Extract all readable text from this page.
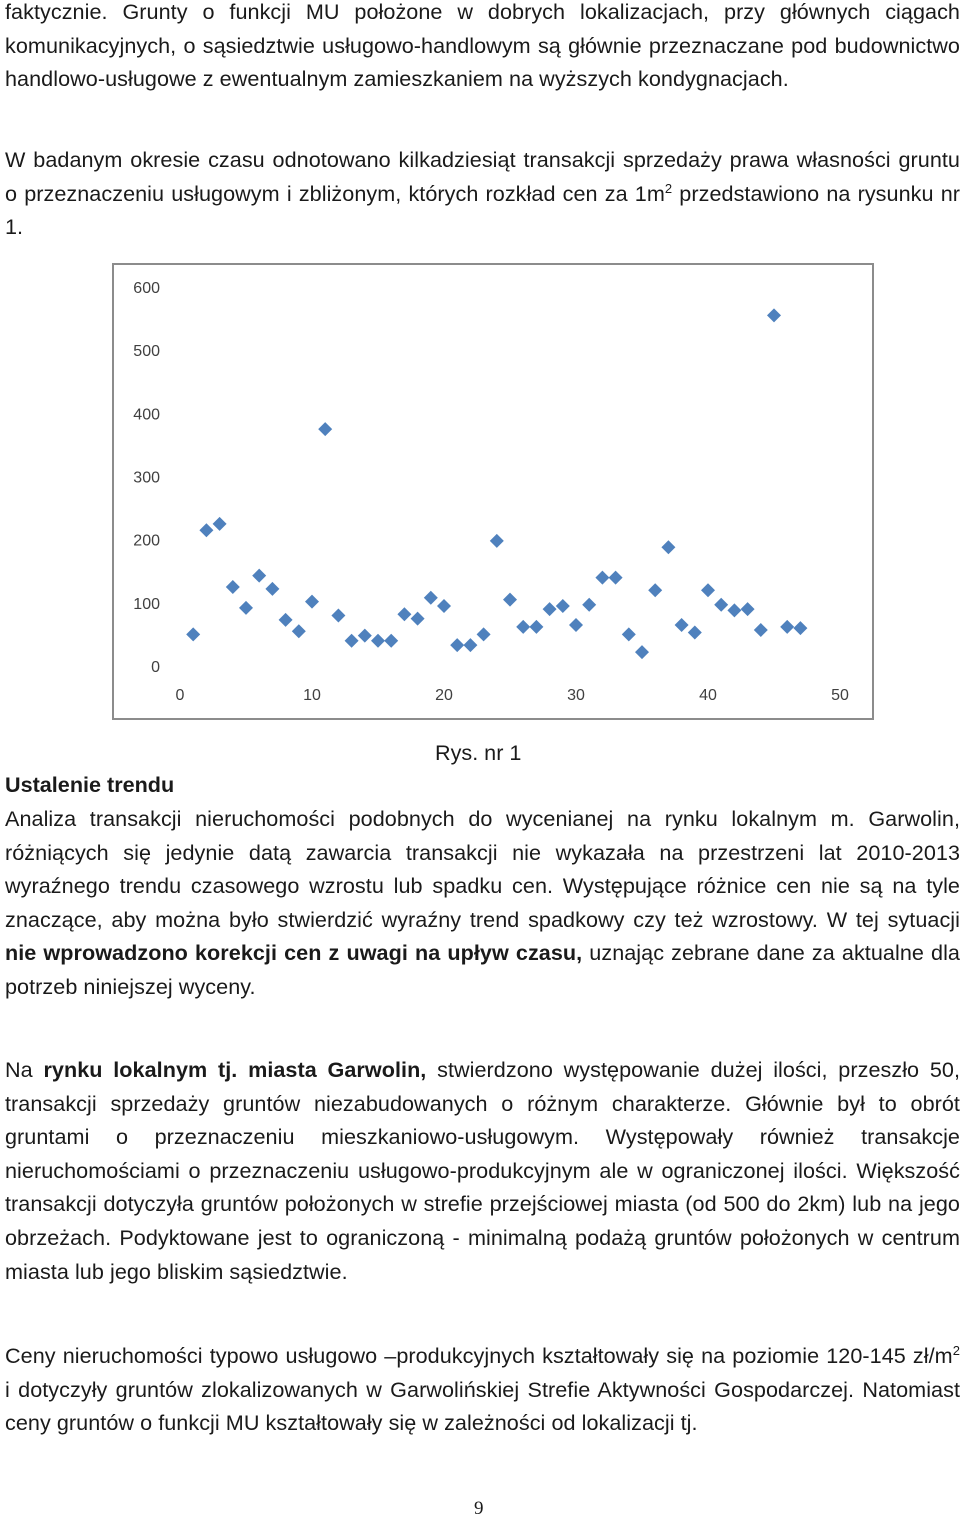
faktycznie. Grunty o funkcji MU położone w dobrych lokalizacjach, przy głównych ciągach komunikacyjnych, o sąsiedztwie usługowo-handlowym są głównie przeznaczane pod budownictwo handlowo-usługowe z ewentualnym zamieszkaniem na wyższych kondygnacjach.

W badanym okresie czasu odnotowano kilkadziesiąt transakcji sprzedaży prawa własności gruntu o przeznaczeniu usługowym i zbliżonym, których rozkład cen za $1m^2$ przedstawiono na rysunku nr 1.

0
100
200
300
400
500
600
0	10	20	30	40	50
Rys. nr 1
Ustalenie trendu

Analiza transakcji nieruchomości podobnych do wycenianej na rynku lokalnym m. Garwolin, różniących się jedynie datą zawarcia transakcji nie wykazała na przestrzeni lat 2010-2013 wyraźnego trendu czasowego wzrostu lub spadku cen. Występujące różnice cen nie są na tyle znaczące, aby można było stwierdzić wyraźny trend spadkowy czy też wzrostowy. W tej sytuacji nie wprowadzono korekcji cen z uwagi na upływ czasu, uznając zebrane dane za aktualne dla potrzeb niniejszej wyceny.

Na rynku lokalnym tj. miasta Garwolin, stwierdzono występowanie dużej ilości, przeszło 50, transakcji sprzedaży gruntów niezabudowanych o różnym charakterze. Głównie był to obrót gruntami o przeznaczeniu mieszkaniowo-usługowym. Występowały również transakcje nieruchomościami o przeznaczeniu usługowo-produkcyjnym ale w ograniczonej ilości. Większość transakcji dotyczyła gruntów położonych w strefie przejściowej miasta (od 500 do 2km) lub na jego obrzeżach. Podyktowane jest to ograniczoną - minimalną podażą gruntów położonych w centrum miasta lub jego bliskim sąsiedztwie.

Ceny nieruchomości typowo usługowo –produkcyjnych kształtowały się na poziomie 120-145 $zł/m^2$ i dotyczyły gruntów zlokalizowanych w Garwolińskiej Strefie Aktywności Gospodarczej. Natomiast ceny gruntów o funkcji MU kształtowały się w zależności od lokalizacji tj.

9
